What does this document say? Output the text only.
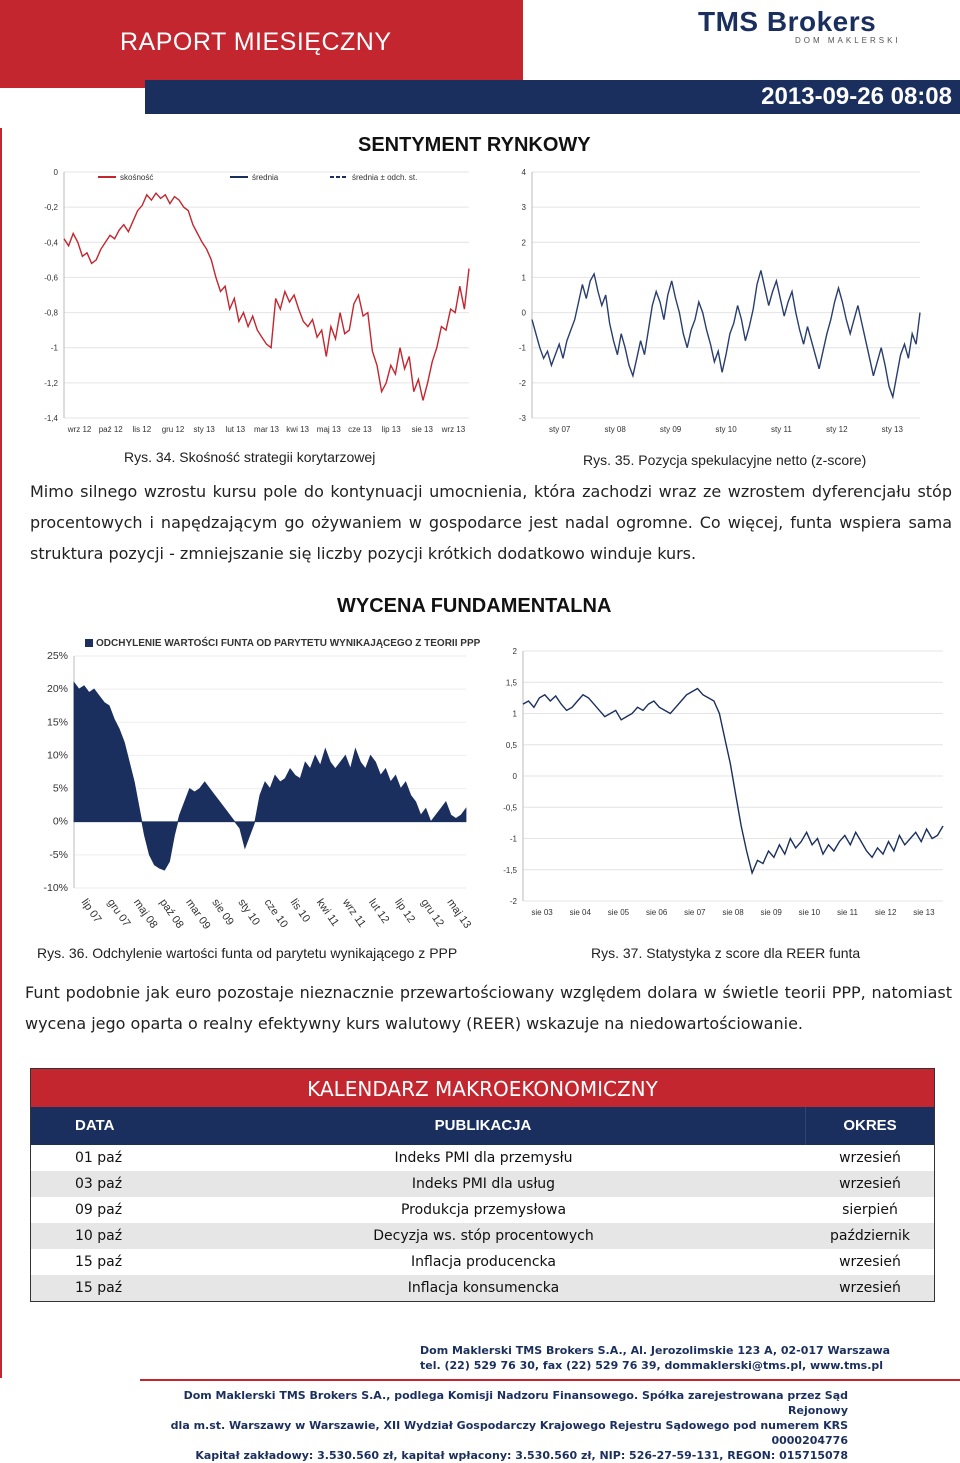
RAPORT MIESIĘCZNY
2013-09-26 08:08
TMS Brokers
DOM MAKLERSKI
SENTYMENT RYNKOWY
0
-0,2
-0,4
-0,6
-0,8
-1
-1,2
-1,4
wrz 12 paź 12 lis 12 gru 12 sty 13 lut 13 mar 13 kwi 13 maj 13 cze 13 lip 13 sie 13 wrz 13
skośność	średnia	średnia ± odch. st.
4
3
2
1
0
-1
-2
-3
sty 07	sty 08	sty 09	sty 10	sty 11	sty 12	sty 13
Rys. 34. Skośność strategii korytarzowej	Rys. 35. Pozycja spekulacyjne netto (z-score)
Mimo silnego wzrostu kursu pole do kontynuacji umocnienia, która zachodzi wraz ze wzrostem dyferencjału stóp procentowych i napędzającym go ożywaniem w gospodarce jest nadal ogromne. Co więcej, funta wspiera sama struktura pozycji - zmniejszanie się liczby pozycji krótkich dodatkowo winduje kurs.
WYCENA FUNDAMENTALNA
25%
20%
15%
10%
5%
0%
-5%
-10%
lip 07 gru 07
maj 08
paź 08
mar 09
sie 09 sty 10 cze 10
lis 10 kwi 11
wrz 11
lut 12 lip 12 gru 12
maj 13
ODCHYLENIE WARTOŚCI FUNTA OD PARYTETU WYNIKAJĄCEGO Z TEORII PPP
2
1,5
1
0,5
0
-0,5
-1
-1,5
-2
sie 03 sie 04 sie 05 sie 06 sie 07 sie 08 sie 09 sie 10 sie 11 sie 12 sie 13
Rys. 36. Odchylenie wartości funta od parytetu wynikającego z PPP	Rys. 37. Statystyka z score dla REER funta
Funt podobnie jak euro pozostaje nieznacznie przewartościowany względem dolara w świetle teorii PPP, natomiast wycena jego oparta o realny efektywny kurs walutowy (REER) wskazuje na niedowartościowanie.
KALENDARZ MAKROEKONOMICZNY
DATA	PUBLIKACJA	OKRES
01 paź	Indeks PMI dla przemysłu	wrzesień
03 paź	Indeks PMI dla usług	wrzesień
09 paź	Produkcja przemysłowa	sierpień
10 paź	Decyzja ws. stóp procentowych	październik
15 paź	Inflacja producencka	wrzesień
15 paź	Inflacja konsumencka	wrzesień
Dom Maklerski TMS Brokers S.A., Al. Jerozolimskie 123 A, 02-017 Warszawa
tel. (22) 529 76 30, fax (22) 529 76 39, dommaklerski@tms.pl, www.tms.pl
Dom Maklerski TMS Brokers S.A., podlega Komisji Nadzoru Finansowego. Spółka zarejestrowana przez Sąd Rejonowy
dla m.st. Warszawy w Warszawie, XII Wydział Gospodarczy Krajowego Rejestru Sądowego pod numerem KRS 0000204776
Kapitał zakładowy: 3.530.560 zł, kapitał wpłacony: 3.530.560 zł, NIP: 526-27-59-131, REGON: 015715078
